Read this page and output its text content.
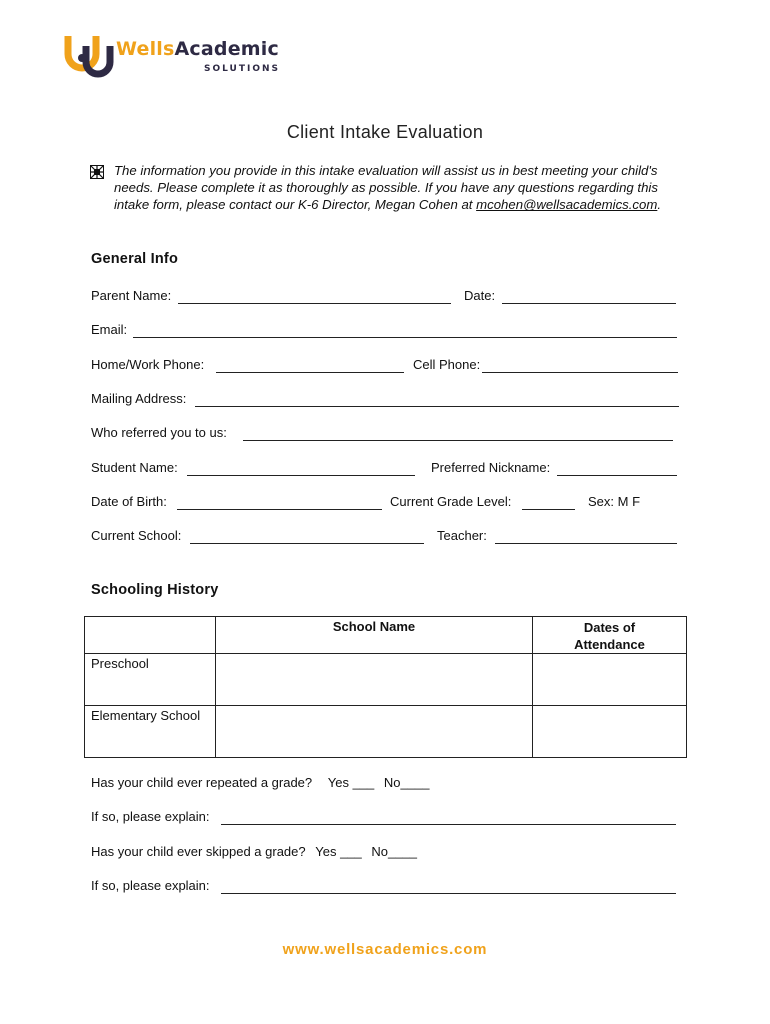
WellsAcademic
SOLUTIONS
Client Intake Evaluation
The information you provide in this intake evaluation will assist us in best meeting your child's needs. Please complete it as thoroughly as possible. If you have any questions regarding this intake form, please contact our K-6 Director, Megan Cohen at mcohen@wellsacademics.com.
General Info
Parent Name:	Date:
Email:
Home/Work Phone:	Cell Phone:
Mailing Address:
Who referred you to us:
Student Name:	Preferred Nickname:
Date of Birth:	Current Grade Level:	Sex: M F
Current School:	Teacher:
Schooling History
	School Name	Dates of
Attendance

Preschool		
Elementary School		
Has your child ever repeated a grade? Yes ___ No____
If so, please explain:
Has your child ever skipped a grade? Yes ___ No____
If so, please explain:
www.wellsacademics.com
